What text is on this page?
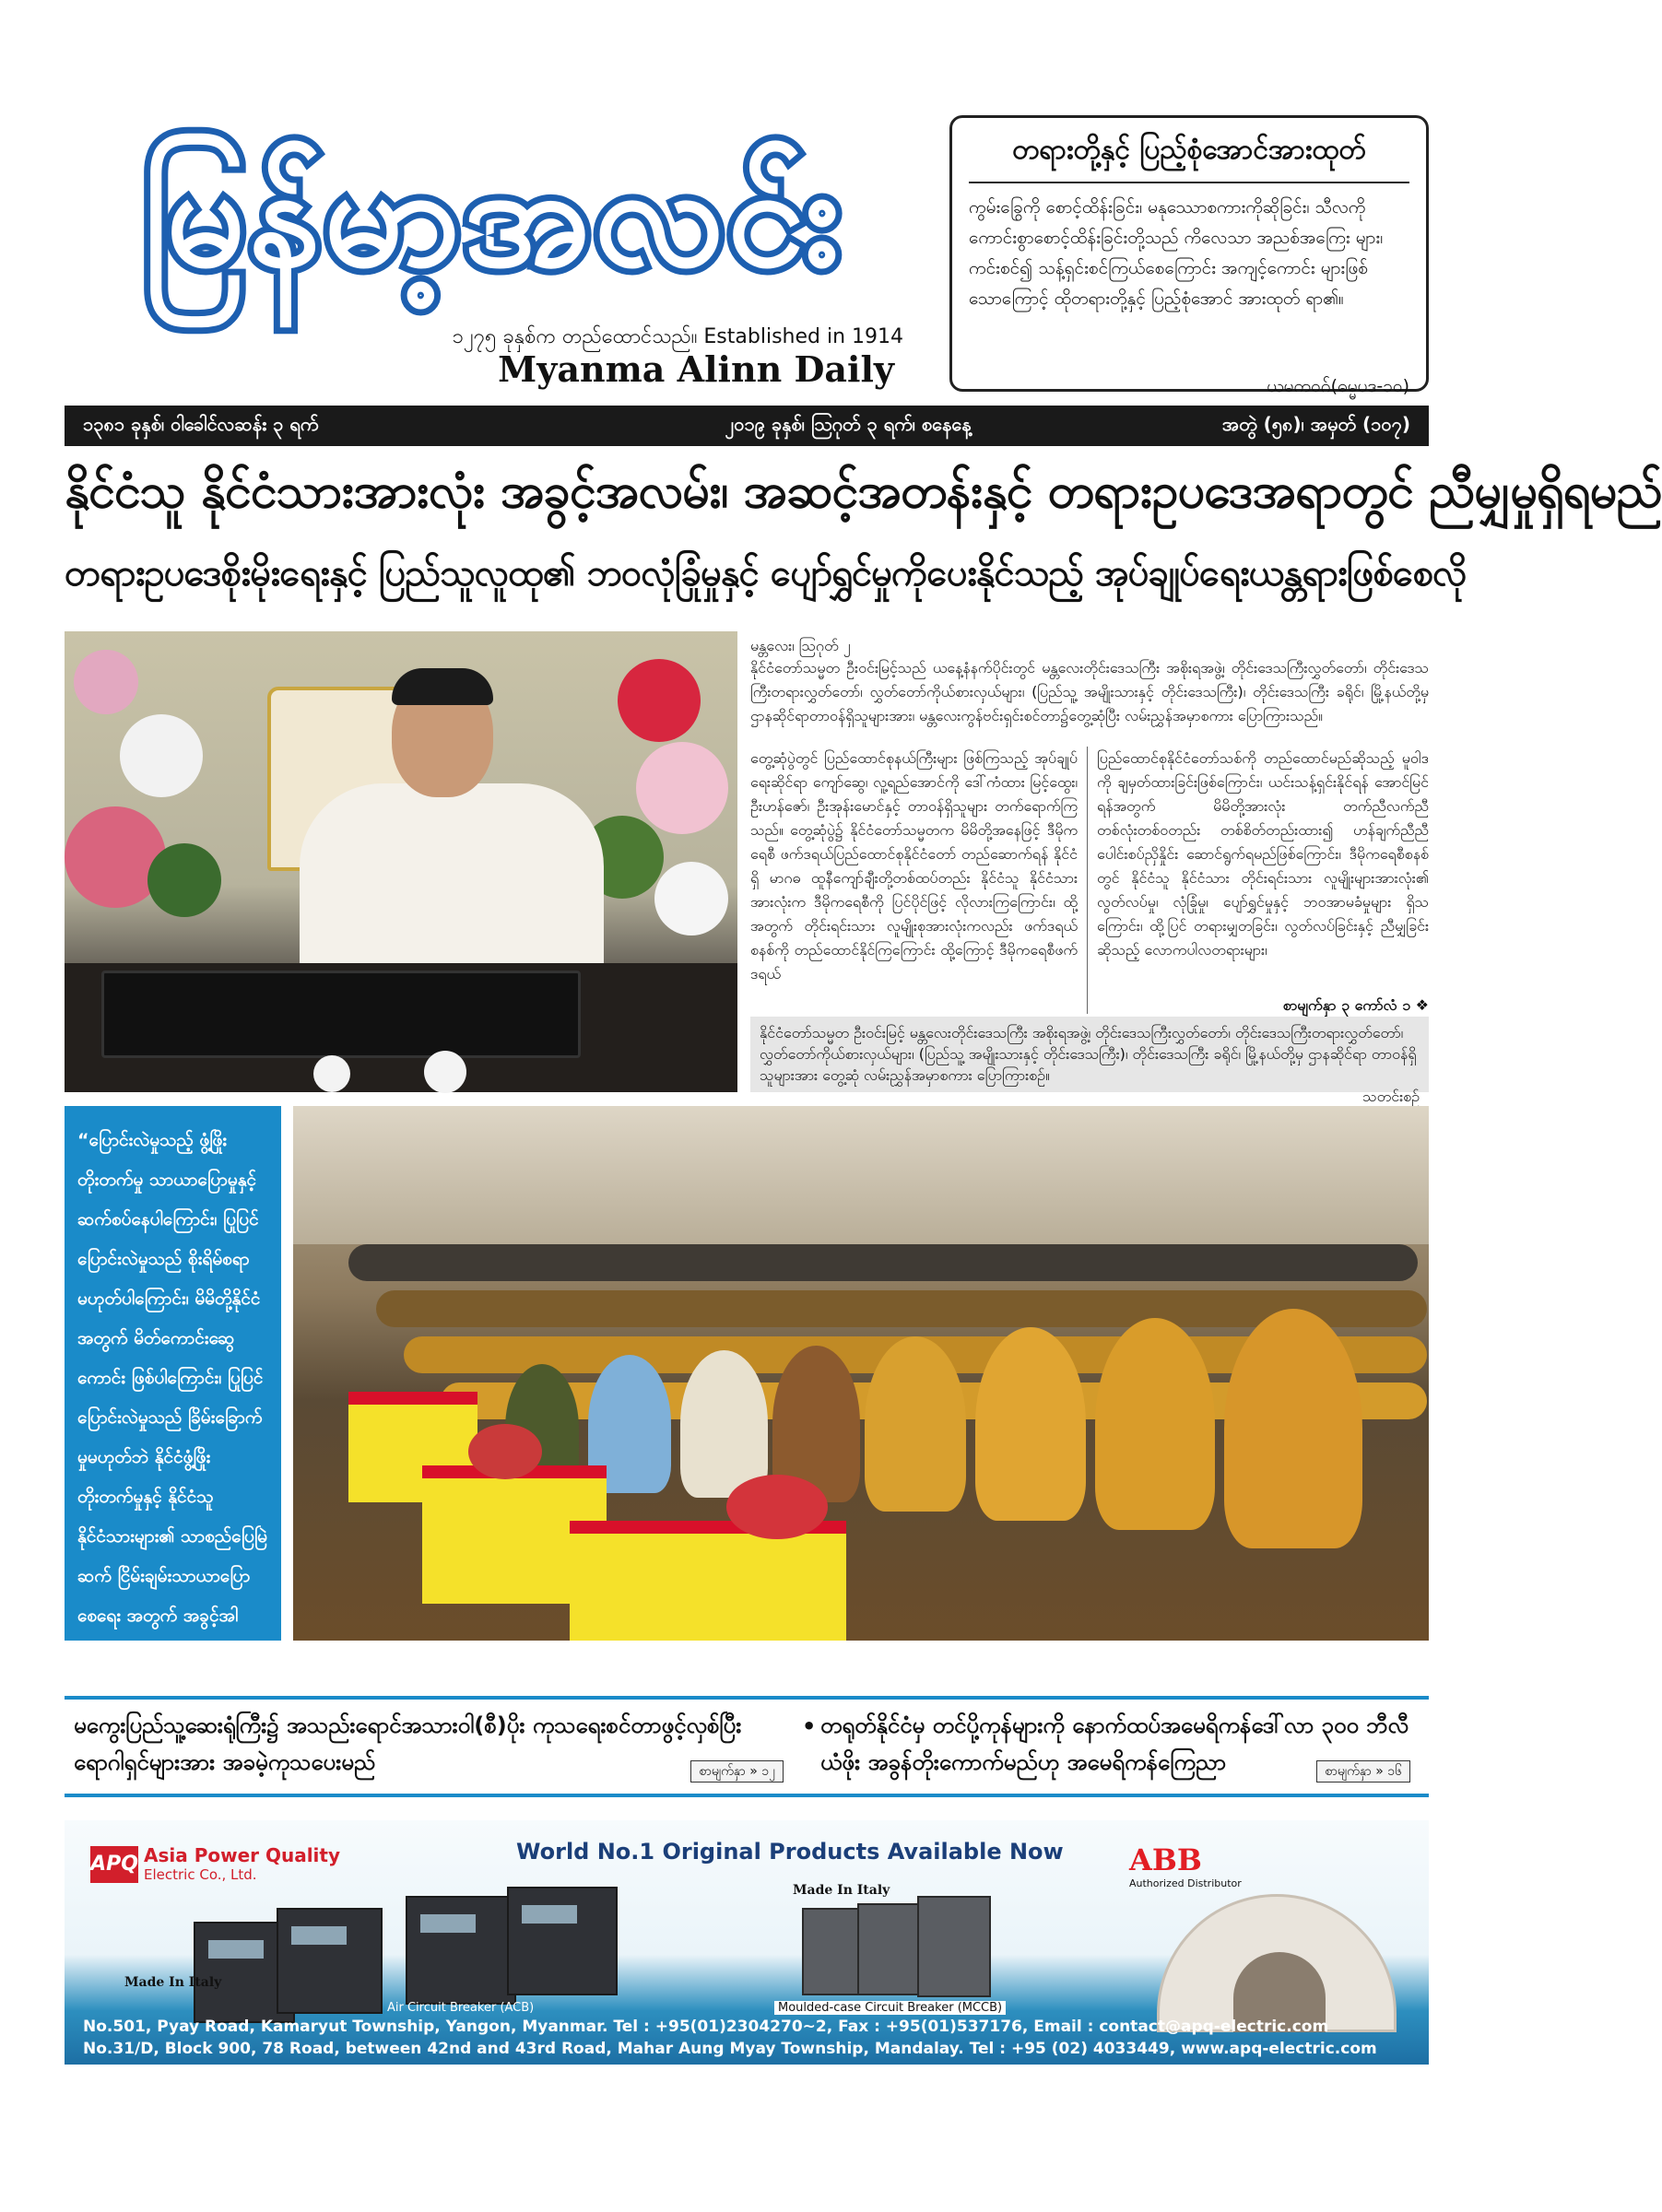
မြန်မာ့အလင်း
၁၂၇၅ ခုနှစ်က တည်ထောင်သည်။ Established in 1914
Myanma Alinn Daily
တရားတို့နှင့် ပြည့်စုံအောင်အားထုတ်
ကွမ်းခြွေကို စောင့်ထိန်းခြင်း၊ မနုဿောစကားကိုဆိုခြင်း၊ သီလကို ကောင်းစွာစောင့်ထိန်းခြင်းတို့သည် ကိလေသာ အညစ်အကြေး များ၊ ကင်းစင်၍ သန့်ရှင်းစင်ကြယ်စေကြောင်း အကျင့်ကောင်း များဖြစ်သောကြောင့် ထိုတရားတို့နှင့် ပြည့်စုံအောင် အားထုတ် ရာ၏။
ယမကဝဂ်(ဓမ္မပဒ-၁၀)
၁၃၈၁ ခုနှစ်၊ ဝါခေါင်လဆန်း ၃ ရက်	၂၀၁၉ ခုနှစ်၊ ဩဂုတ် ၃ ရက်၊ စနေနေ့	အတွဲ (၅၈)၊ အမှတ် (၁၀၇)
နိုင်ငံသူ နိုင်ငံသားအားလုံး အခွင့်အလမ်း၊ အဆင့်အတန်းနှင့် တရားဥပဒေအရာတွင် ညီမျှမှုရှိရမည်
တရားဥပဒေစိုးမိုးရေးနှင့် ပြည်သူလူထု၏ ဘဝလုံခြုံမှုနှင့် ပျော်ရွှင်မှုကိုပေးနိုင်သည့် အုပ်ချုပ်ရေးယန္တရားဖြစ်စေလို
မန္တလေး၊ ဩဂုတ် ၂
နိုင်ငံတော်သမ္မတ ဦးဝင်းမြင့်သည် ယနေ့နံနက်ပိုင်းတွင် မန္တလေးတိုင်းဒေသကြီး အစိုးရအဖွဲ့၊ တိုင်းဒေသကြီးလွှတ်တော်၊ တိုင်းဒေသကြီးတရားလွှတ်တော်၊ လွှတ်တော်ကိုယ်စားလှယ်များ၊ (ပြည်သူ့ အမျိုးသားနှင့် တိုင်းဒေသကြီး)၊ တိုင်းဒေသကြီး ခရိုင်၊ မြို့နယ်တို့မှ ဌာနဆိုင်ရာတာဝန်ရှိသူများအား၊ မန္တလေးကွန်ဗင်းရှင်းစင်တာ၌တွေ့ဆုံပြီး လမ်းညွှန်အမှာစကား ပြောကြားသည်။
တွေ့ဆုံပွဲတွင် ပြည်ထောင်စုနယ်ကြီးများ ဖြစ်ကြသည့် အုပ်ချုပ်ရေးဆိုင်ရာ ကျော်ဆွေ၊ လူ့ရည်အောင်ကို ဒေါ်ကံထား မြင့်ထွေး၊ ဦးဟန်ဇော်၊ ဦးအုန်းမောင်နှင့် တာဝန်ရှိသူများ တက်ရောက်ကြသည်။ တွေ့ဆုံပွဲ၌ နိုင်ငံတော်သမ္မတက မိမိတို့အနေဖြင့် ဒီမိုကရေစီ ဖက်ဒရယ်ပြည်ထောင်စုနိုင်ငံတော် တည်ဆောက်ရန် နိုင်ငံရှိ မာဂဓ ထူနီကျော်ချီးတို့တစ်ထပ်တည်း နိုင်ငံသူ နိုင်ငံသားအားလုံးက ဒီမိုကရေစီကို ပြင်ပိုင်ဖြင့် လိုလားကြကြောင်း၊ ထို့အတွက် တိုင်းရင်းသား လူမျိုးစုအားလုံးကလည်း ဖက်ဒရယ်စနစ်ကို တည်ထောင်နိုင်ကြကြောင်း ထို့ကြောင့် ဒီမိုကရေစီဖက်ဒရယ်
ပြည်ထောင်စုနိုင်ငံတော်သစ်ကို တည်ထောင်မည်ဆိုသည့် မူဝါဒကို ချမှတ်ထားခြင်းဖြစ်ကြောင်း၊ ယင်းသန့်ရှင်းနိုင်ရန် အောင်မြင်ရန်အတွက် မိမိတို့အားလုံး တက်ညီလက်ညီ တစ်လုံးတစ်ဝတည်း တစ်စိတ်တည်းထား၍ ဟန်ချက်ညီညီ ပေါင်းစပ်ညှိနှိုင်း ဆောင်ရွက်ရမည်ဖြစ်ကြောင်း၊ ဒီမိုကရေစီစနစ်တွင် နိုင်ငံသူ နိုင်ငံသား တိုင်းရင်းသား လူမျိုးများအားလုံး၏ လွတ်လပ်မှု၊ လုံခြုံမှု၊ ပျော်ရွှင်မှုနှင့် ဘဝအာမခံမှုများ ရှိသကြောင်း၊ ထို့ပြင် တရားမျှတခြင်း၊ လွတ်လပ်ခြင်းနှင့် ညီမျှခြင်းဆိုသည့် လောကပါလတရားများ၊
စာမျက်နှာ ၃ ကော်လံ ၁ ❖
နိုင်ငံတော်သမ္မတ ဦးဝင်းမြင့် မန္တလေးတိုင်းဒေသကြီး အစိုးရအဖွဲ့၊ တိုင်းဒေသကြီးလွှတ်တော်၊ တိုင်းဒေသကြီးတရားလွှတ်တော်၊ လွှတ်တော်ကိုယ်စားလှယ်များ၊ (ပြည်သူ့ အမျိုးသားနှင့် တိုင်းဒေသကြီး)၊ တိုင်းဒေသကြီး ခရိုင်၊ မြို့နယ်တို့မှ ဌာနဆိုင်ရာ တာဝန်ရှိသူများအား တွေ့ဆုံ လမ်းညွှန်အမှာစကား ပြောကြားစဉ်။
သတင်းစဉ်
“ပြောင်းလဲမှုသည့် ဖွံ့ဖြိုးတိုးတက်မှု သာယာပြောမှုနှင့် ဆက်စပ်နေပါကြောင်း၊ ပြုပြင်ပြောင်းလဲမှုသည် စိုးရိမ်စရာမဟုတ်ပါကြောင်း၊ မိမိတို့နိုင်ငံအတွက် မိတ်ကောင်းဆွေကောင်း ဖြစ်ပါကြောင်း၊ ပြုပြင်ပြောင်းလဲမှုသည် ခြိမ်းခြောက်မှုမဟုတ်ဘဲ နိုင်ငံဖွံ့ဖြိုးတိုးတက်မှုနှင့် နိုင်ငံသူ နိုင်ငံသားများ၏ သာစည်ပြေမြဲဆက် ငြိမ်းချမ်းသာယာပြောစေရေး အတွက် အခွင့်အါကောင်းဖြစ်”
မကွေးပြည်သူ့ဆေးရုံကြီး၌ အသည်းရောင်အသားဝါ(စီ)ပိုး ကုသရေးစင်တာဖွင့်လှစ်ပြီး ရောဂါရှင်များအား အခမဲ့ကုသပေးမည်	စာမျက်နှာ » ၁၂
• တရုတ်နိုင်ငံမှ တင်ပို့ကုန်များကို နောက်ထပ်အမေရိကန်ဒေါ်လာ ၃၀၀ ဘီလီယံဖိုး အခွန်တိုးကောက်မည်ဟု အမေရိကန်ကြေညာ	စာမျက်နှာ » ၁၆
APQ Asia Power Quality
Electric Co., Ltd.
World No.1 Original Products Available Now
Made In Italy
Made In Italy
Air Circuit Breaker (ACB)	Moulded-case Circuit Breaker (MCCB)
ABB
Authorized Distributor
No.501, Pyay Road, Kamaryut Township, Yangon, Myanmar. Tel : +95(01)2304270~2, Fax : +95(01)537176, Email : contact@apq-electric.com
No.31/D, Block 900, 78 Road, between 42nd and 43rd Road, Mahar Aung Myay Township, Mandalay. Tel : +95 (02) 4033449, www.apq-electric.com
